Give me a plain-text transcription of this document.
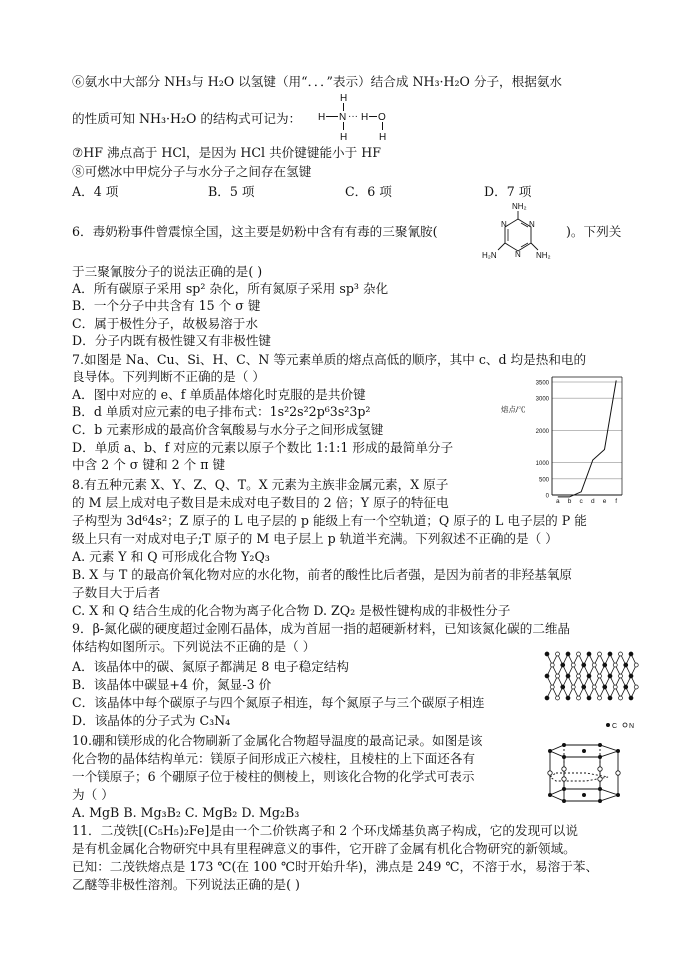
⑥氨水中大部分 NH₃与 H₂O 以氢键（用“．．．”表示）结合成 NH₃·H₂O 分子，根据氨水
的性质可知 NH₃·H₂O 的结构式可记为：
H
H N ··· H O
H	H
⑦HF 沸点高于 HCl，是因为 HCl 共价键键能小于 HF
⑧可燃冰中甲烷分子与水分子之间存在氢键
A．4 项	B．5 项	C．6 项	D．7 项
6．毒奶粉事件曾震惊全国，这主要是奶粉中含有有毒的三聚氰胺(
NH₂
N
N
N
H₂N	NH₂
)。下列关
于三聚氰胺分子的说法正确的是( )
A．所有碳原子采用 sp² 杂化，所有氮原子采用 sp³ 杂化
B．一个分子中共含有 15 个 σ 键
C．属于极性分子，故极易溶于水
D．分子内既有极性键又有非极性键
7.如图是 Na、Cu、Si、H、C、N 等元素单质的熔点高低的顺序，其中 c、d 均是热和电的
良导体。下列判断不正确的是（ ）
A．图中对应的 e、f 单质晶体熔化时克服的是共价键
B．d 单质对应元素的电子排布式：1s²2s²2p⁶3s²3p²
C．b 元素形成的最高价含氧酸易与水分子之间形成氢键
D．单质 a、b、f 对应的元素以原子个数比 1:1:1 形成的最简单分子
中含 2 个 σ 键和 2 个 π 键
熔点/℃
3500
3000
2000
1000
500
0
a b c d e f
8.有五种元素 X、Y、Z、Q、T。X 元素为主族非金属元素，X 原子
的 M 层上成对电子数目是未成对电子数目的 2 倍；Y 原子的特征电
子构型为 3d⁶4s²；Z 原子的 L 电子层的 p 能级上有一个空轨道；Q 原子的 L 电子层的 P 能
级上只有一对成对电子;T 原子的 M 电子层上 p 轨道半充满。下列叙述不正确的是（ ）
A. 元素 Y 和 Q 可形成化合物 Y₂Q₃
B. X 与 T 的最高价氧化物对应的水化物，前者的酸性比后者强，是因为前者的非羟基氧原
子数目大于后者
C. X 和 Q 结合生成的化合物为离子化合物 D. ZQ₂ 是极性键构成的非极性分子
9．β-氮化碳的硬度超过金刚石晶体，成为首屈一指的超硬新材料，已知该氮化碳的二维晶
体结构如图所示。下列说法不正确的是（ ）
A．该晶体中的碳、氮原子都满足 8 电子稳定结构
B．该晶体中碳显+4 价，氮显-3 价
C．该晶体中每个碳原子与四个氮原子相连，每个氮原子与三个碳原子相连
D．该晶体的分子式为 C₃N₄	C N
10.硼和镁形成的化合物刷新了金属化合物超导温度的最高记录。如图是该
化合物的晶体结构单元：镁原子间形成正六棱柱，且棱柱的上下面还各有
一个镁原子；6 个硼原子位于棱柱的侧棱上，则该化合物的化学式可表示
为（ ）
A. MgB B. Mg₃B₂ C. MgB₂ D. Mg₂B₃
11．二茂铁[(C₅H₅)₂Fe]是由一个二价铁离子和 2 个环戊烯基负离子构成，它的发现可以说
是有机金属化合物研究中具有里程碑意义的事件，它开辟了金属有机化合物研究的新领域。
已知：二茂铁熔点是 173 ℃(在 100 ℃时开始升华)，沸点是 249 ℃，不溶于水，易溶于苯、
乙醚等非极性溶剂。下列说法正确的是( )
